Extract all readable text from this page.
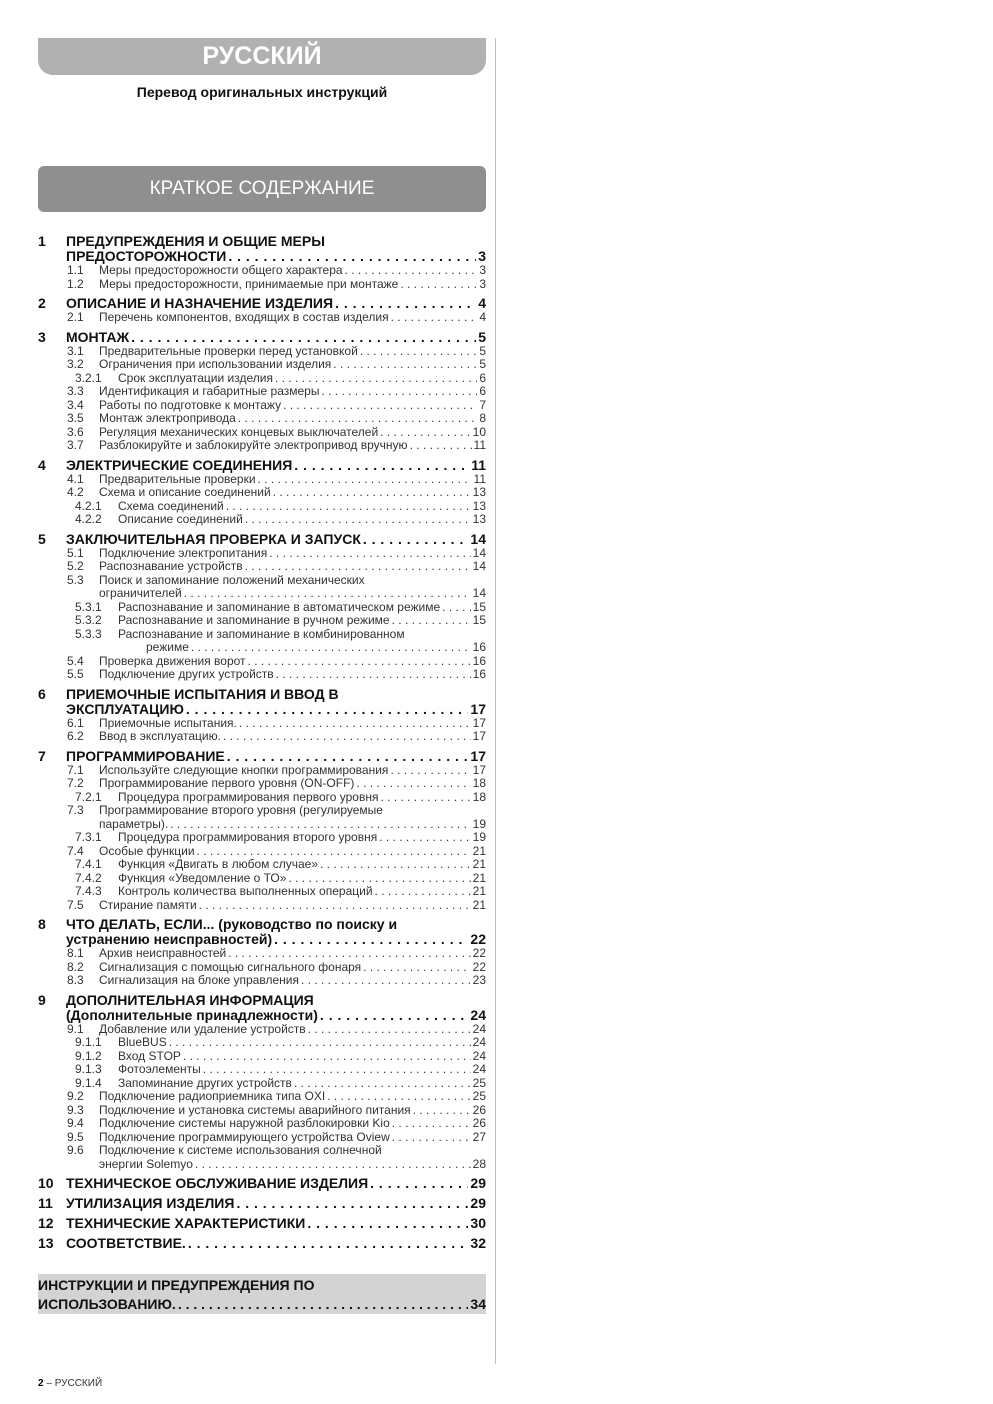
РУССКИЙ
Перевод оригинальных инструкций
КРАТКОЕ СОДЕРЖАНИЕ
1 ПРЕДУПРЕЖДЕНИЯ И ОБЩИЕ МЕРЫ
ПРЕДОСТОРОЖНОСТИ . . .	3
1.1 Меры предосторожности общего характера . . .	3
1.2 Меры предосторожности, принимаемые при монтаже . . .	3
2 ОПИСАНИЕ И НАЗНАЧЕНИЕ ИЗДЕЛИЯ . . .	4
2.1 Перечень компонентов, входящих в состав изделия . . .	4
3 МОНТАЖ . . .	5
3.1 Предварительные проверки перед установкой . . .	5
3.2 Ограничения при использовании изделия . . .	5
3.2.1 Срок эксплуатации изделия . . .	6
3.3 Идентификация и габаритные размеры . . .	6
3.4 Работы по подготовке к монтажу . . .	7
3.5 Монтаж электропривода . . .	8
3.6 Регуляция механических концевых выключателей . . .	10
3.7 Разблокируйте и заблокируйте электропривод вручную . . .	11
4 ЭЛЕКТРИЧЕСКИЕ СОЕДИНЕНИЯ . . .	11
4.1 Предварительные проверки . . .	11
4.2 Схема и описание соединений . . .	13
4.2.1 Схема соединений . . .	13
4.2.2 Описание соединений . . .	13
5 ЗАКЛЮЧИТЕЛЬНАЯ ПРОВЕРКА И ЗАПУСК . . .	14
5.1 Подключение электропитания . . .	14
5.2 Распознавание устройств . . .	14
5.3 Поиск и запоминание положений механических
ограничителей . . .	14
5.3.1 Распознавание и запоминание в автоматическом режиме . . .	15
5.3.2 Распознавание и запоминание в ручном режиме . . .	15
5.3.3 Распознавание и запоминание в комбинированном
режиме . . .	16
5.4 Проверка движения ворот . . .	16
5.5 Подключение других устройств . . .	16
6 ПРИЕМОЧНЫЕ ИСПЫТАНИЯ И ВВОД В
ЭКСПЛУАТАЦИЮ . . .	17
6.1 Приемочные испытания. . . .	17
6.2 Ввод в эксплуатацию. . . .	17
7 ПРОГРАММИРОВАНИЕ . . .	17
7.1 Используйте следующие кнопки программирования . . .	17
7.2 Программирование первого уровня (ON-OFF) . . .	18
7.2.1 Процедура программирования первого уровня . . .	18
7.3 Программирование второго уровня (регулируемые
параметры). . . .	19
7.3.1 Процедура программирования второго уровня . . .	19
7.4 Особые функции . . .	21
7.4.1 Функция «Двигать в любом случае» . . .	21
7.4.2 Функция «Уведомление о ТО» . . .	21
7.4.3 Контроль количества выполненных операций . . .	21
7.5 Стирание памяти . . .	21
8 ЧТО ДЕЛАТЬ, ЕСЛИ... (руководство по поиску и
устранению неисправностей) . . .	22
8.1 Архив неисправностей . . .	22
8.2 Сигнализация с помощью сигнального фонаря . . .	22
8.3 Сигнализация на блоке управления . . .	23
9 ДОПОЛНИТЕЛЬНАЯ ИНФОРМАЦИЯ
(Дополнительные принадлежности) . . .	24
9.1 Добавление или удаление устройств . . .	24
9.1.1 BlueBUS . . .	24
9.1.2 Вход STOP . . .	24
9.1.3 Фотоэлементы . . .	24
9.1.4 Запоминание других устройств . . .	25
9.2 Подключение радиоприемника типа OXI . . .	25
9.3 Подключение и установка системы аварийного питания . . .	26
9.4 Подключение системы наружной разблокировки Kio . . .	26
9.5 Подключение программирующего устройства Oview . . .	27
9.6 Подключение к системе использования солнечной
энергии Solemyo . . .	28
10 ТЕХНИЧЕСКОЕ ОБСЛУЖИВАНИЕ ИЗДЕЛИЯ . . .	29
11 УТИЛИЗАЦИЯ ИЗДЕЛИЯ . . .	29
12 ТЕХНИЧЕСКИЕ ХАРАКТЕРИСТИКИ . . .	30
13 СООТВЕТСТВИЕ. . . .	32
ИНСТРУКЦИИ И ПРЕДУПРЕЖДЕНИЯ ПО
ИСПОЛЬЗОВАНИЮ. . . .	34
2 – РУССКИЙ
